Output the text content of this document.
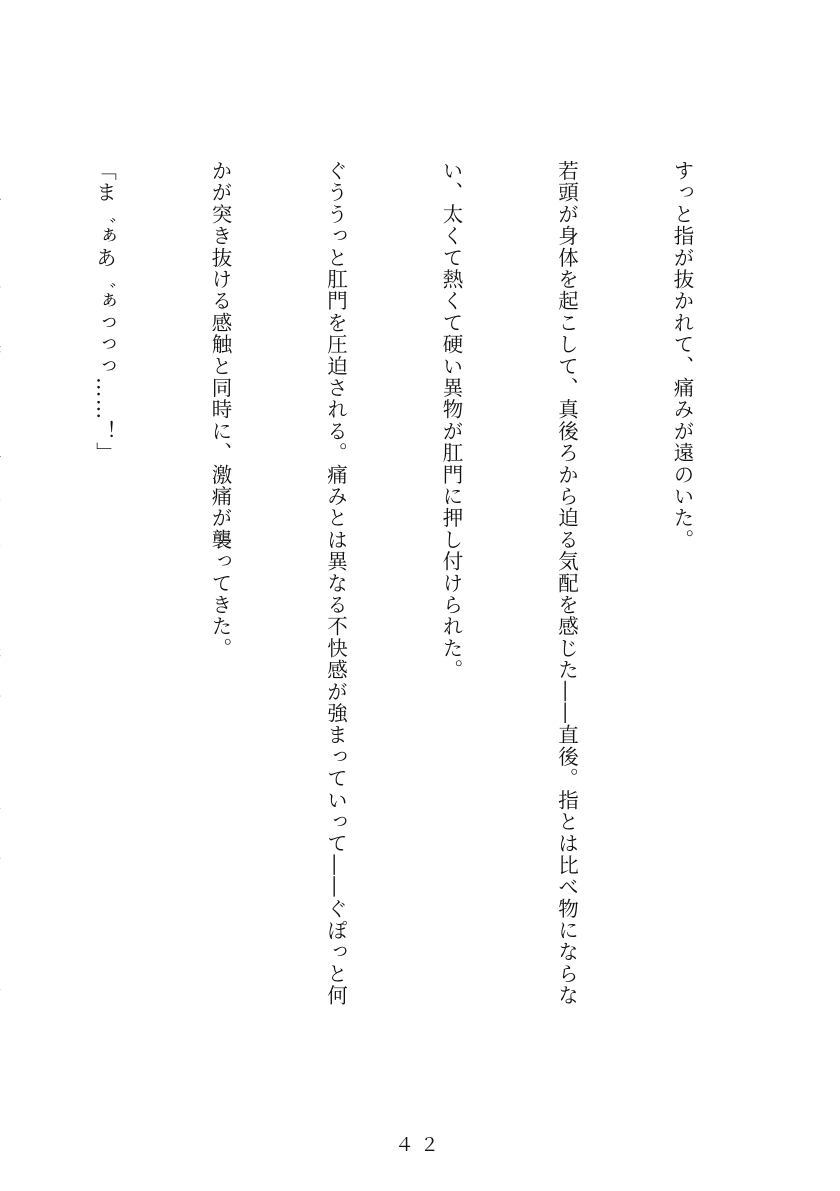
すっと指が抜かれて、痛みが遠のいた。

若頭が身体を起こして、真後ろから迫る気配を感じた――直後。指とは比べ物にならな

い、太くて熱くて硬い異物が肛門に押し付けられた。

ぐううっと肛門を圧迫される。痛みとは異なる不快感が強まっていって――ぐぽっと何

かが突き抜ける感触と同時に、激痛が襲ってきた。

「ま゛ぁあ゛ぁっっっ……！」

４２
